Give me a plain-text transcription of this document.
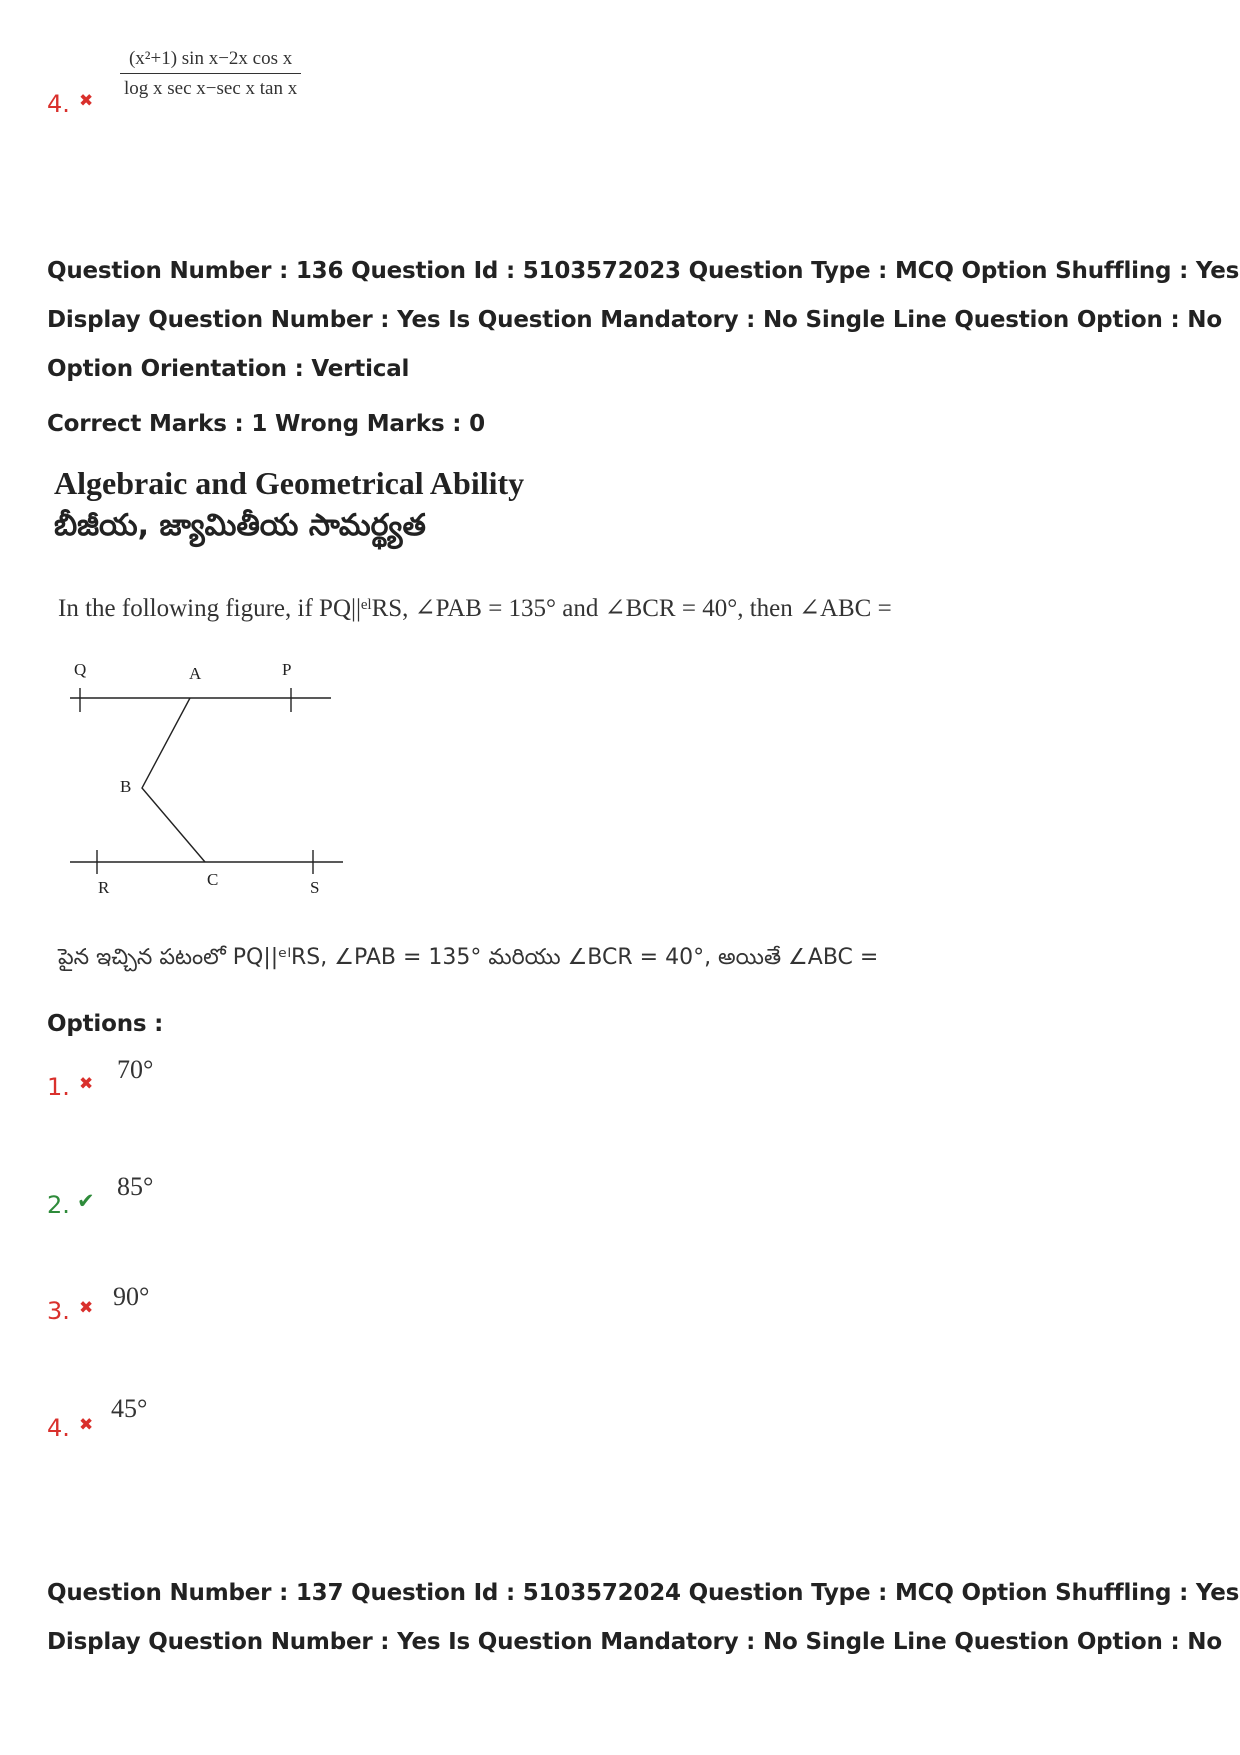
4. ✖
(x²+1) sin x−2x cos x
log x sec x−sec x tan x
Question Number : 136 Question Id : 5103572023 Question Type : MCQ Option Shuffling : Yes
Display Question Number : Yes Is Question Mandatory : No Single Line Question Option : No
Option Orientation : Vertical
Correct Marks : 1 Wrong Marks : 0
Algebraic and Geometrical Ability
బీజీయ, జ్యామితీయ సామర్థ్యత
In the following figure, if PQ||ᵉˡRS, ∠PAB = 135° and ∠BCR = 40°, then ∠ABC =
Q	A	P
B
R	C	S
పైన ఇచ్చిన పటంలో PQ||ᵉˡRS, ∠PAB = 135° మరియు ∠BCR = 40°, అయితే ∠ABC =
Options :
1. ✖ 70°
2. ✔ 85°
3. ✖ 90°
4. ✖
45°
Question Number : 137 Question Id : 5103572024 Question Type : MCQ Option Shuffling : Yes
Display Question Number : Yes Is Question Mandatory : No Single Line Question Option : No
